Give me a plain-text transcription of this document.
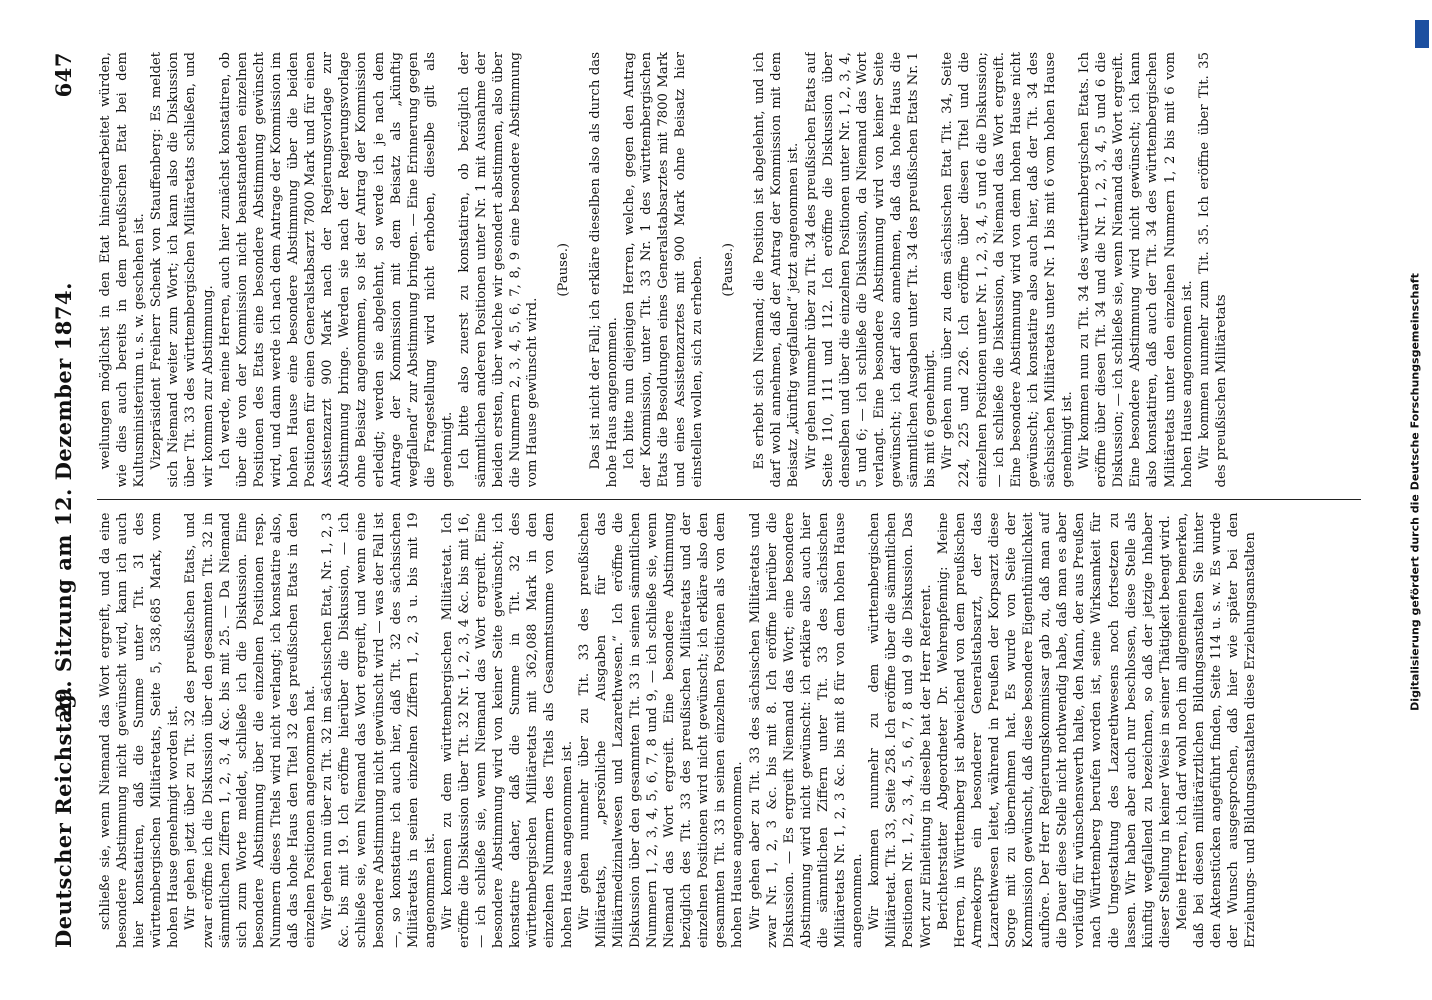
Deutscher Reichstag.
29. Sitzung am 12. Dezember 1874.
647

schließe sie, wenn Niemand das Wort ergreift, und da eine besondere Abstimmung nicht gewünscht wird, kann ich auch hier konstatiren, daß die Summe unter Tit. 31 des württembergischen Militäretats, Seite 5, 538,685 Mark, vom hohen Hause genehmigt worden ist. Wir gehen jetzt über zu Tit. 32 des preußischen Etats, und zwar eröffne ich die Diskussion über den gesammten Tit. 32 in sämmtlichen Ziffern 1, 2, 3, 4 &c. bis mit 25. — Da Niemand sich zum Worte meldet, schließe ich die Diskussion. Eine besondere Abstimmung über die einzelnen Positionen resp. Nummern dieses Titels wird nicht verlangt; ich konstatire also, daß das hohe Haus den Titel 32 des preußischen Etats in den einzelnen Positionen angenommen hat. Wir gehen nun über zu Tit. 32 im sächsischen Etat, Nr. 1, 2, 3 &c. bis mit 19. Ich eröffne hierüber die Diskussion, — ich schließe sie, wenn Niemand das Wort ergreift, und wenn eine besondere Abstimmung nicht gewünscht wird — was der Fall ist —, so konstatire ich auch hier, daß Tit. 32 des sächsischen Militäretats in seinen einzelnen Ziffern 1, 2, 3 u. bis mit 19 angenommen ist. Wir kommen zu dem württembergischen Militäretat. Ich eröffne die Diskussion über Tit. 32 Nr. 1, 2, 3, 4 &c. bis mit 16, — ich schließe sie, wenn Niemand das Wort ergreift. Eine besondere Abstimmung wird von keiner Seite gewünscht; ich konstatire daher, daß die Summe in Tit. 32 des württembergischen Militäretats mit 362,088 Mark in den einzelnen Nummern des Titels als Gesammtsumme von dem hohen Hause angenommen ist. Wir gehen nunmehr über zu Tit. 33 des preußischen Militäretats, „persönliche Ausgaben für das Militärmedizinalwesen und Lazarethwesen.“ Ich eröffne die Diskussion über den gesammten Tit. 33 in seinen sämmtlichen Nummern 1, 2, 3, 4, 5, 6, 7, 8 und 9, — ich schließe sie, wenn Niemand das Wort ergreift. Eine besondere Abstimmung bezüglich des Tit. 33 des preußischen Militäretats und der einzelnen Positionen wird nicht gewünscht; ich erkläre also den gesammten Tit. 33 in seinen einzelnen Positionen als von dem hohen Hause angenommen. Wir gehen aber zu Tit. 33 des sächsischen Militäretats und zwar Nr. 1, 2, 3 &c. bis mit 8. Ich eröffne hierüber die Diskussion. — Es ergreift Niemand das Wort; eine besondere Abstimmung wird nicht gewünscht: ich erkläre also auch hier die sämmtlichen Ziffern unter Tit. 33 des sächsischen Militäretats Nr. 1, 2, 3 &c. bis mit 8 für von dem hohen Hause angenommen. Wir kommen nunmehr zu dem württembergischen Militäretat. Tit. 33, Seite 258. Ich eröffne über die sämmtlichen Positionen Nr. 1, 2, 3, 4, 5, 6, 7, 8 und 9 die Diskussion. Das Wort zur Einleitung in dieselbe hat der Herr Referent. Berichterstatter Abgeordneter Dr. Wehrenpfennig: Meine Herren, in Württemberg ist abweichend von dem preußischen Armeekorps ein besonderer Generalstabsarzt, der das Lazarethwesen leitet, während in Preußen der Korpsarzt diese Sorge mit zu übernehmen hat. Es wurde von Seite der Kommission gewünscht, daß diese besondere Eigenthümlichkeit aufhöre. Der Herr Regierungskommissar gab zu, daß man auf die Dauer diese Stelle nicht nothwendig habe, daß man es aber vorläufig für wünschenswerth halte, den Mann, der aus Preußen nach Württemberg berufen worden ist, seine Wirksamkeit für die Umgestaltung des Lazarethwesens noch fortsetzen zu lassen. Wir haben aber auch nur beschlossen, diese Stelle als künftig wegfallend zu bezeichnen, so daß der jetzige Inhaber dieser Stellung in keiner Weise in seiner Thätigkeit beengt wird. Meine Herren, ich darf wohl noch im allgemeinen bemerken, daß bei diesen militärärztlichen Bildungsanstalten Sie hinter den Aktenstücken angeführt finden, Seite 114 u. s. w. Es wurde der Wunsch ausgesprochen, daß hier wie später bei den Erziehungs- und Bildungsanstalten diese Erziehungsanstalten

weilungen möglichst in den Etat hineingearbeitet würden, wie dies auch bereits in dem preußischen Etat bei dem Kultusministerium u. s. w. geschehen ist. Vizepräsident Freiherr Schenk von Stauffenberg: Es meldet sich Niemand weiter zum Wort; ich kann also die Diskussion über Tit. 33 des württembergischen Militäretats schließen, und wir kommen zur Abstimmung. Ich werde, meine Herren, auch hier zunächst konstatiren, ob über die von der Kommission nicht beanstandeten einzelnen Positionen des Etats eine besondere Abstimmung gewünscht wird, und dann werde ich nach dem Antrage der Kommission im hohen Hause eine besondere Abstimmung über die beiden Positionen für einen Generalstabsarzt 7800 Mark und für einen Assistenzarzt 900 Mark nach der Regierungsvorlage zur Abstimmung bringe. Werden sie nach der Regierungsvorlage ohne Beisatz angenommen, so ist der Antrag der Kommission erledigt; werden sie abgelehnt, so werde ich je nach dem Antrage der Kommission mit dem Beisatz als „künftig wegfallend“ zur Abstimmung bringen. — Eine Erinnerung gegen die Fragestellung wird nicht erhoben, dieselbe gilt als genehmigt. Ich bitte also zuerst zu konstatiren, ob bezüglich der sämmtlichen anderen Positionen unter Nr. 1 mit Ausnahme der beiden ersten, über welche wir gesondert abstimmen, also über die Nummern 2, 3, 4, 5, 6, 7, 8, 9 eine besondere Abstimmung vom Hause gewünscht wird.

(Pause.) Das ist nicht der Fall; ich erkläre dieselben also als durch das hohe Haus angenommen. Ich bitte nun diejenigen Herren, welche, gegen den Antrag der Kommission, unter Tit. 33 Nr. 1 des württembergischen Etats die Besoldungen eines Generalstabsarztes mit 7800 Mark und eines Assistenzarztes mit 900 Mark ohne Beisatz hier einstellen wollen, sich zu erheben. (Pause.) Es erhebt sich Niemand; die Position ist abgelehnt, und ich darf wohl annehmen, daß der Antrag der Kommission mit dem Beisatz „künftig wegfallend“ jetzt angenommen ist. Wir gehen nunmehr über zu Tit. 34 des preußischen Etats auf Seite 110, 111 und 112. Ich eröffne die Diskussion über denselben und über die einzelnen Positionen unter Nr. 1, 2, 3, 4, 5 und 6; — ich schließe die Diskussion, da Niemand das Wort verlangt. Eine besondere Abstimmung wird von keiner Seite gewünscht; ich darf also annehmen, daß das hohe Haus die sämmtlichen Ausgaben unter Tit. 34 des preußischen Etats Nr. 1 bis mit 6 genehmigt. Wir gehen nun über zu dem sächsischen Etat Tit. 34, Seite 224, 225 und 226. Ich eröffne über diesen Titel und die einzelnen Positionen unter Nr. 1, 2, 3, 4, 5 und 6 die Diskussion; — ich schließe die Diskussion, da Niemand das Wort ergreift. Eine besondere Abstimmung wird von dem hohen Hause nicht gewünscht; ich konstatire also auch hier, daß der Tit. 34 des sächsischen Militäretats unter Nr. 1 bis mit 6 vom hohen Hause genehmigt ist. Wir kommen nun zu Tit. 34 des württembergischen Etats. Ich eröffne über diesen Tit. 34 und die Nr. 1, 2, 3, 4, 5 und 6 die Diskussion; — ich schließe sie, wenn Niemand das Wort ergreift. Eine besondere Abstimmung wird nicht gewünscht; ich kann also konstatiren, daß auch der Tit. 34 des württembergischen Militäretats unter den einzelnen Nummern 1, 2 bis mit 6 vom hohen Hause angenommen ist. Wir kommen nunmehr zum Tit. 35. Ich eröffne über Tit. 35 des preußischen Militäretats	Digitalisierung gefördert durch die Deutsche Forschungsgemeinschaft
